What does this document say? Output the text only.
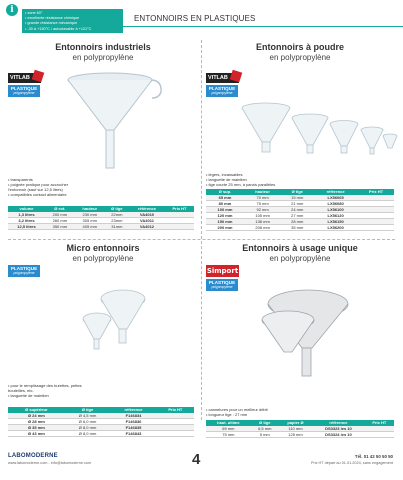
i	• zone 60°
• excellente résistance chimique
• grande résistance mécanique
• -30 à +130°C / autoclavable à +121°C
ENTONNOIRS EN PLASTIQUES
Entonnoirs industriels
en polypropylène
VITLAB
PLASTIQUE
polypropylène
• transparents
• poignée pratique pour accrocher
l'entonnoir (sauf sur 12,5 litres)
• compatibles contact alimentaire
volume	Ø ext.	hauteur	Ø tige	référence	Prix HT
1,3 litres	200 mm	230 mm	22mm	VA4010	
3,2 litres	260 mm	305 mm	23mm	VA4011	
12,5 litres	350 mm	405 mm	31mm	VA4012	
Entonnoirs à poudre
en polypropylène
VITLAB
PLASTIQUE
polypropylène
• légers, incassables
• languette de maintien
• tige courte 25 mm, à parois parallèles
Ø sup.	hauteur	Ø tige	référence	Prix HT
65 mm	70 mm	15 mm	LX56065	
80 mm	75 mm	21 mm	LX56080	
100 mm	92 mm	24 mm	LX56100	
120 mm	105 mm	27 mm	LX56120	
150 mm	138 mm	28 mm	LX56150	
200 mm	208 mm	35 mm	LX56200	
Micro entonnoirs
en polypropylène
PLASTIQUE
polypropylène
• pour le remplissage des burettes, pettes
bouteilles, etc.
• languette de maintien
Ø supérieur	Ø tige	référence	Prix HT
Ø 24 mm	Ø 4,5 mm	F146834	
Ø 28 mm	Ø 6,0 mm	F146836	
Ø 35 mm	Ø 8,0 mm	F146835	
Ø 43 mm	Ø 8,0 mm	F146843	
Entonnoirs à usage unique
en polypropylène
Simport
PLASTIQUE
polypropylène
• cannelures pour un meilleur débit
• longueur tige : 27 mm
haut. ultime	Ø tige	papier Ø	référence	Prix HT
69 mm	6,5 mm	110 mm	DS3323 les 10	
75 mm	5 mm	125 mm	DS3324 les 10	
LABOMODERNE
www.labomoderne.com - info@labomoderne.com	4	Tél. 01 42 50 50 50
Prix HT départ au 01.01.2024, sans engagement
